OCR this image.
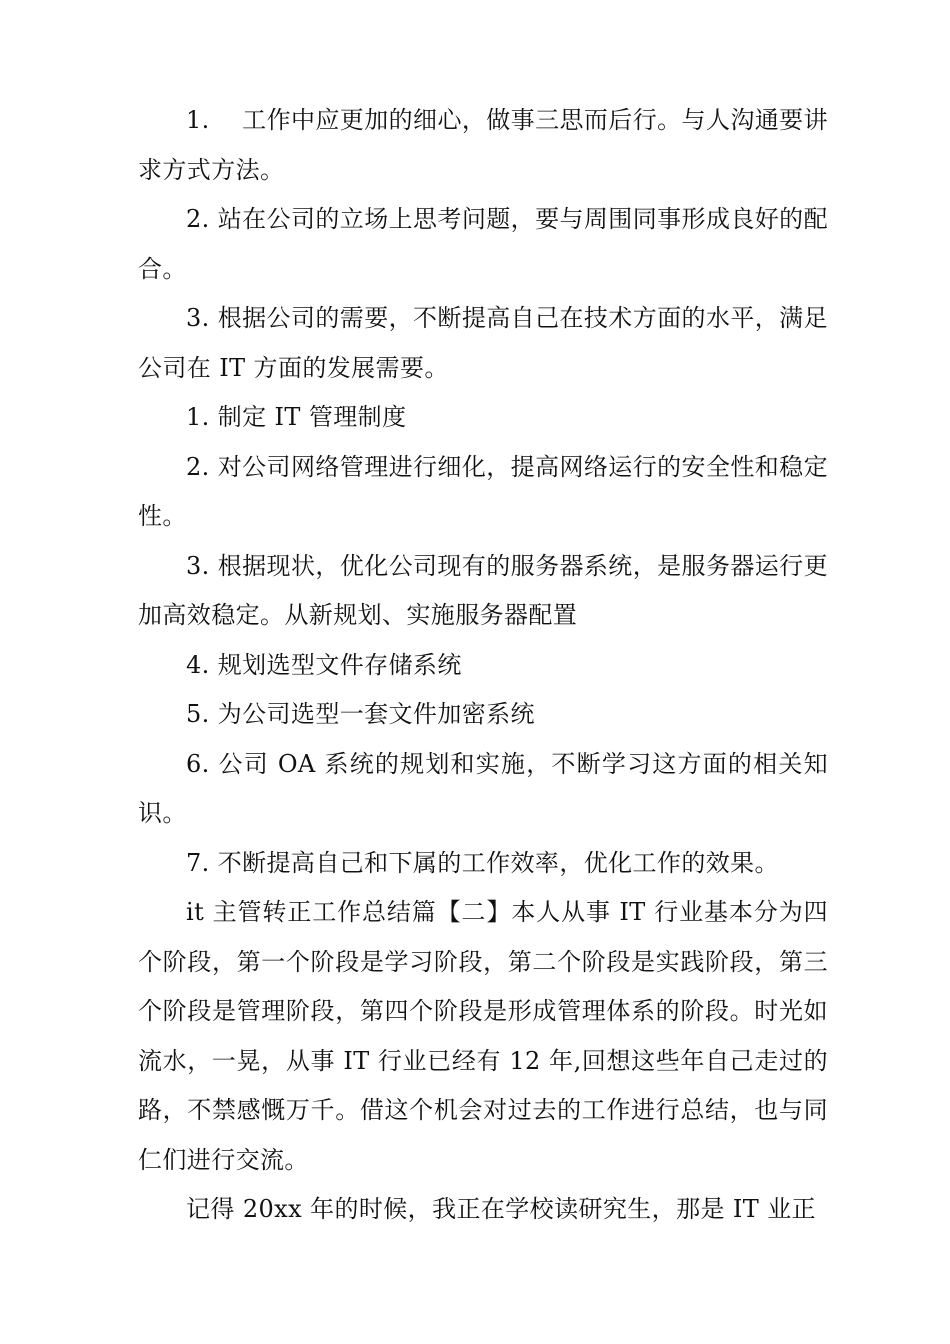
1.　 工作中应更加的细心，做事三思而后行。与人沟通要讲求方式方法。

2. 站在公司的立场上思考问题，要与周围同事形成良好的配合。

3. 根据公司的需要，不断提高自己在技术方面的水平，满足公司在 IT 方面的发展需要。

1. 制定 IT 管理制度

2. 对公司网络管理进行细化，提高网络运行的安全性和稳定性。

3. 根据现状，优化公司现有的服务器系统，是服务器运行更加高效稳定。从新规划、实施服务器配置

4. 规划选型文件存储系统

5. 为公司选型一套文件加密系统

6. 公司 OA 系统的规划和实施，不断学习这方面的相关知识。

7. 不断提高自己和下属的工作效率，优化工作的效果。

it 主管转正工作总结篇【二】本人从事 IT 行业基本分为四个阶段，第一个阶段是学习阶段，第二个阶段是实践阶段，第三个阶段是管理阶段，第四个阶段是形成管理体系的阶段。时光如流水，一晃，从事 IT 行业已经有 12 年,回想这些年自己走过的路，不禁感慨万千。借这个机会对过去的工作进行总结，也与同仁们进行交流。

记得 20xx 年的时候，我正在学校读研究生，那是 IT 业正
